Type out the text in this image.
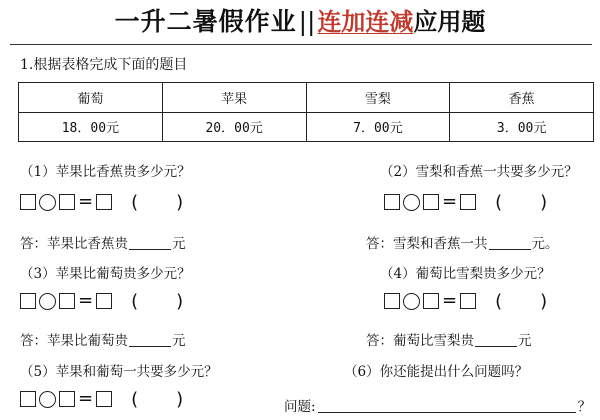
一升二暑假作业||连加连减应用题
1.根据表格完成下面的题目
葡萄	苹果	雪梨	香蕉
18．00元	20．00元	7．00元	3．00元
（1）苹果比香蕉贵多少元？
= ( )
答：苹果比香蕉贵	元
（2）雪梨和香蕉一共要多少元？
= ( )
答：雪梨和香蕉一共	元。
（3）苹果比葡萄贵多少元？
= ( )
答：苹果比葡萄贵	元
（4）葡萄比雪梨贵多少元？
= ( )
答：葡萄比雪梨贵	元
（5）苹果和葡萄一共要多少元？
= ( )
（6）你还能提出什么问题吗？
问题:	？
